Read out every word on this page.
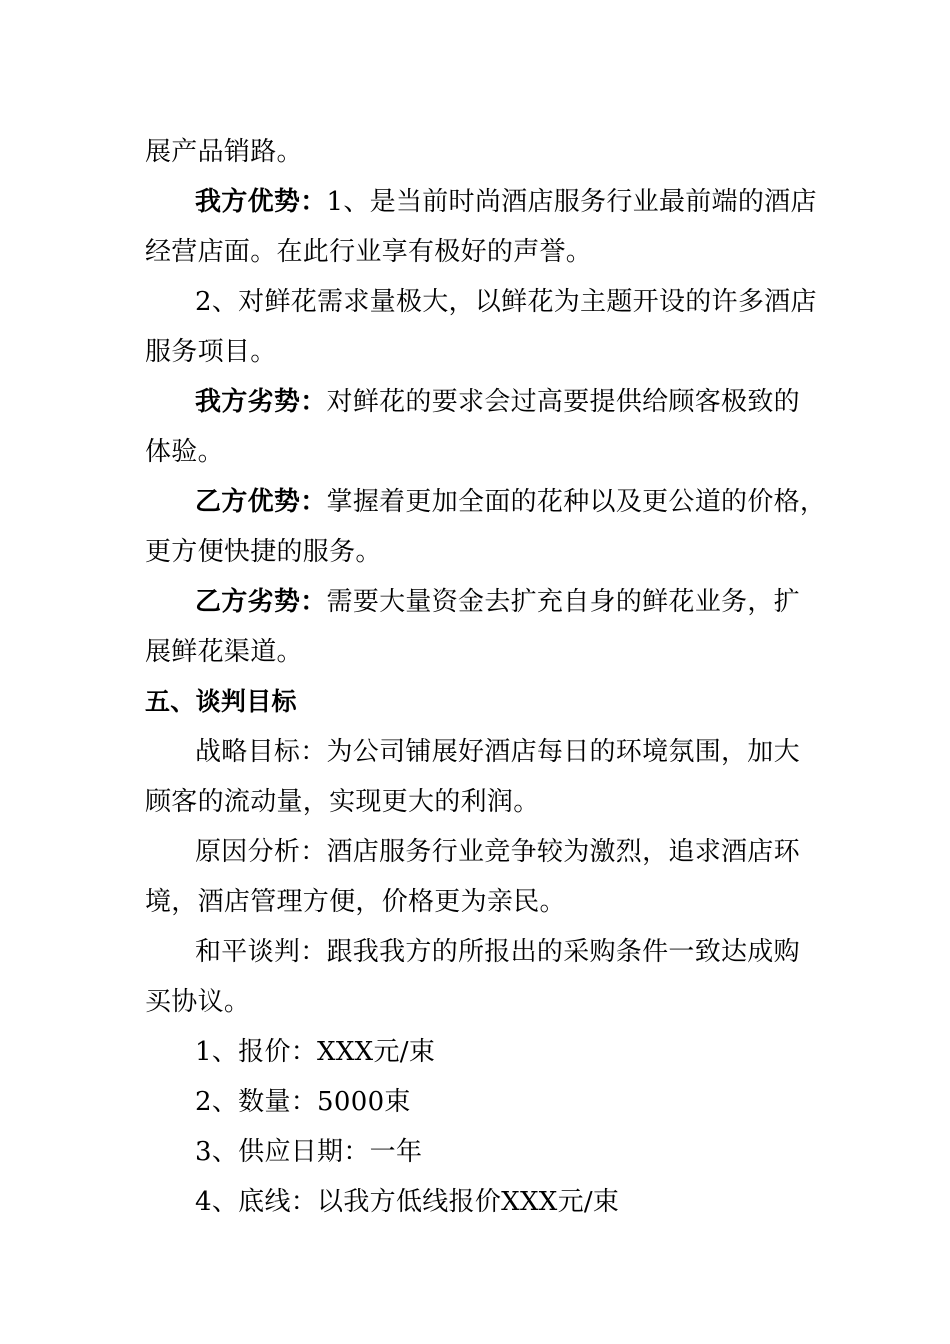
展产品销路。
我方优势：1、是当前时尚酒店服务行业最前端的酒店
经营店面。在此行业享有极好的声誉。
2、对鲜花需求量极大，以鲜花为主题开设的许多酒店
服务项目。
我方劣势：对鲜花的要求会过高要提供给顾客极致的
体验。
乙方优势：掌握着更加全面的花种以及更公道的价格，
更方便快捷的服务。
乙方劣势：需要大量资金去扩充自身的鲜花业务，扩
展鲜花渠道。
五、谈判目标
战略目标：为公司铺展好酒店每日的环境氛围，加大
顾客的流动量，实现更大的利润。
原因分析：酒店服务行业竞争较为激烈，追求酒店环
境，酒店管理方便，价格更为亲民。
和平谈判：跟我我方的所报出的采购条件一致达成购
买协议。
1、报价：XXX元/束
2、数量：5000束
3、供应日期：一年
4、底线：以我方低线报价XXX元/束
